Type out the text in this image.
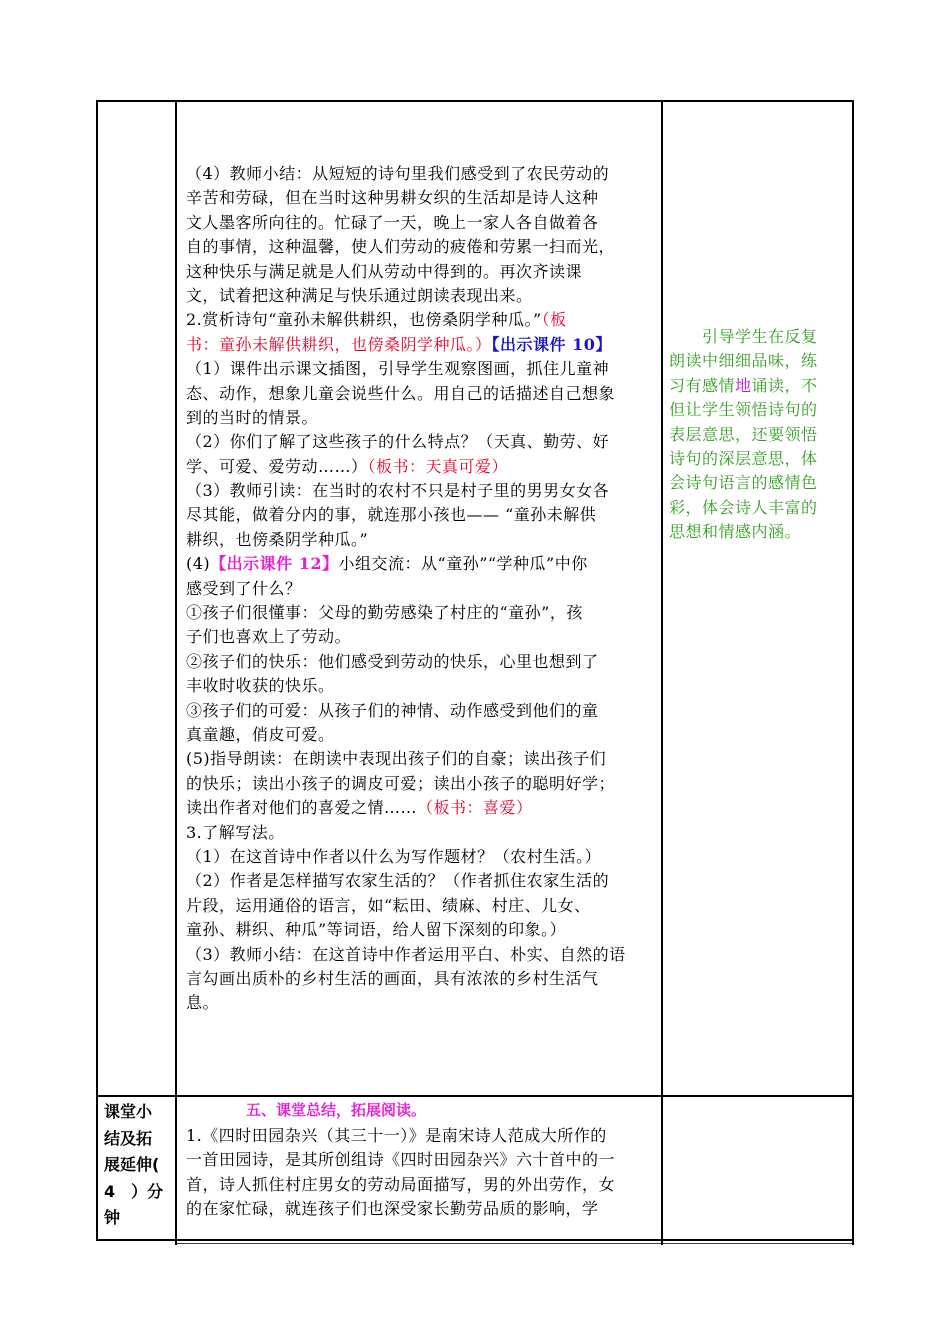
（4）教师小结：从短短的诗句里我们感受到了农民劳动的
辛苦和劳碌，但在当时这种男耕女织的生活却是诗人这种
文人墨客所向往的。忙碌了一天，晚上一家人各自做着各
自的事情，这种温馨，使人们劳动的疲倦和劳累一扫而光，
这种快乐与满足就是人们从劳动中得到的。再次齐读课
文，试着把这种满足与快乐通过朗读表现出来。
2.赏析诗句“童孙未解供耕织，也傍桑阴学种瓜。”（板
书：童孙未解供耕织，也傍桑阴学种瓜。）【出示课件 10】
（1）课件出示课文插图，引导学生观察图画，抓住儿童神
态、动作，想象儿童会说些什么。用自己的话描述自己想象
到的当时的情景。
（2）你们了解了这些孩子的什么特点？（天真、勤劳、好
学、可爱、爱劳动……）（板书：天真可爱）
（3）教师引读：在当时的农村不只是村子里的男男女女各
尽其能，做着分内的事，就连那小孩也—— “童孙未解供
耕织，也傍桑阴学种瓜。”
(4)【出示课件 12】小组交流：从“童孙”“学种瓜”中你
感受到了什么？
①孩子们很懂事：父母的勤劳感染了村庄的“童孙”，孩
子们也喜欢上了劳动。
②孩子们的快乐：他们感受到劳动的快乐，心里也想到了
丰收时收获的快乐。
③孩子们的可爱：从孩子们的神情、动作感受到他们的童
真童趣，俏皮可爱。
(5)指导朗读：在朗读中表现出孩子们的自豪；读出孩子们
的快乐；读出小孩子的调皮可爱；读出小孩子的聪明好学；
读出作者对他们的喜爱之情……（板书：喜爱）
3.了解写法。
（1）在这首诗中作者以什么为写作题材？（农村生活。）
（2）作者是怎样描写农家生活的？（作者抓住农家生活的
片段，运用通俗的语言，如“耘田、绩麻、村庄、儿女、
童孙、耕织、种瓜”等词语，给人留下深刻的印象。）
（3）教师小结：在这首诗中作者运用平白、朴实、自然的语
言勾画出质朴的乡村生活的画面，具有浓浓的乡村生活气
息。
　　引导学生在反复
朗读中细细品味，练
习有感情地诵读，不
但让学生领悟诗句的
表层意思，还要领悟
诗句的深层意思，体
会诗句语言的感情色
彩，体会诗人丰富的
思想和情感内涵。
课堂小
结及拓
展延伸(
4　）分
钟
五、课堂总结，拓展阅读。
1.《四时田园杂兴（其三十一）》是南宋诗人范成大所作的
一首田园诗，是其所创组诗《四时田园杂兴》六十首中的一
首，诗人抓住村庄男女的劳动局面描写，男的外出劳作，女
的在家忙碌，就连孩子们也深受家长勤劳品质的影响，学
